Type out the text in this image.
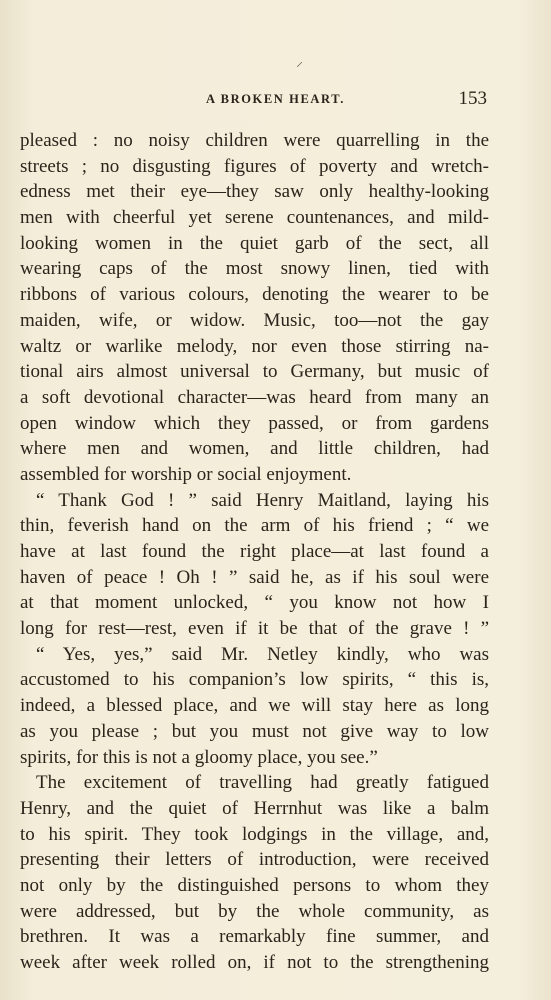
⸝
A BROKEN HEART.	153
pleased : no noisy children were quarrelling in the
streets ; no disgusting figures of poverty and wretch-
edness met their eye—they saw only healthy-looking
men with cheerful yet serene countenances, and mild-
looking women in the quiet garb of the sect, all
wearing caps of the most snowy linen, tied with
ribbons of various colours, denoting the wearer to be
maiden, wife, or widow. Music, too—not the gay
waltz or warlike melody, nor even those stirring na-
tional airs almost universal to Germany, but music of
a soft devotional character—was heard from many an
open window which they passed, or from gardens
where men and women, and little children, had
assembled for worship or social enjoyment.
“ Thank God ! ” said Henry Maitland, laying his
thin, feverish hand on the arm of his friend ; “ we
have at last found the right place—at last found a
haven of peace ! Oh ! ” said he, as if his soul were
at that moment unlocked, “ you know not how I
long for rest—rest, even if it be that of the grave ! ”
“ Yes, yes,” said Mr. Netley kindly, who was
accustomed to his companion’s low spirits, “ this is,
indeed, a blessed place, and we will stay here as long
as you please ; but you must not give way to low
spirits, for this is not a gloomy place, you see.”
The excitement of travelling had greatly fatigued
Henry, and the quiet of Herrnhut was like a balm
to his spirit. They took lodgings in the village, and,
presenting their letters of introduction, were received
not only by the distinguished persons to whom they
were addressed, but by the whole community, as
brethren. It was a remarkably fine summer, and
week after week rolled on, if not to the strengthening
